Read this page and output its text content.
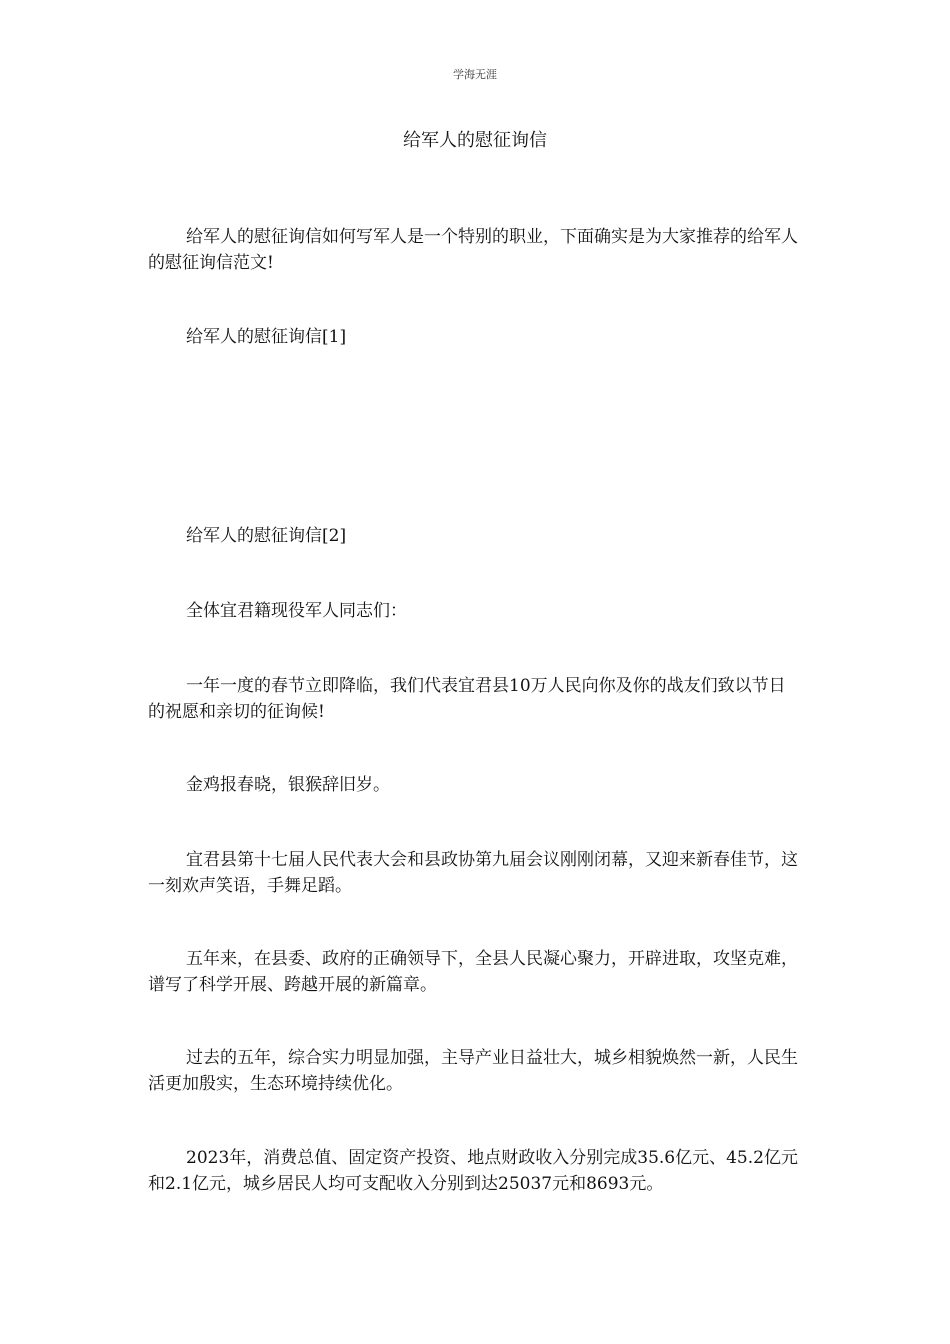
学海无涯
给军人的慰征询信

给军人的慰征询信如何写军人是一个特别的职业，下面确实是为大家推荐的给军人的慰征询信范文!

给军人的慰征询信[1]

给军人的慰征询信[2]

全体宜君籍现役军人同志们：

一年一度的春节立即降临，我们代表宜君县10万人民向你及你的战友们致以节日的祝愿和亲切的征询候!

金鸡报春晓，银猴辞旧岁。

宜君县第十七届人民代表大会和县政协第九届会议刚刚闭幕，又迎来新春佳节，这一刻欢声笑语，手舞足蹈。

五年来，在县委、政府的正确领导下，全县人民凝心聚力，开辟进取，攻坚克难，谱写了科学开展、跨越开展的新篇章。

过去的五年，综合实力明显加强，主导产业日益壮大，城乡相貌焕然一新，人民生活更加殷实，生态环境持续优化。

2023年，消费总值、固定资产投资、地点财政收入分别完成35.6亿元、45.2亿元和2.1亿元，城乡居民人均可支配收入分别到达25037元和8693元。
